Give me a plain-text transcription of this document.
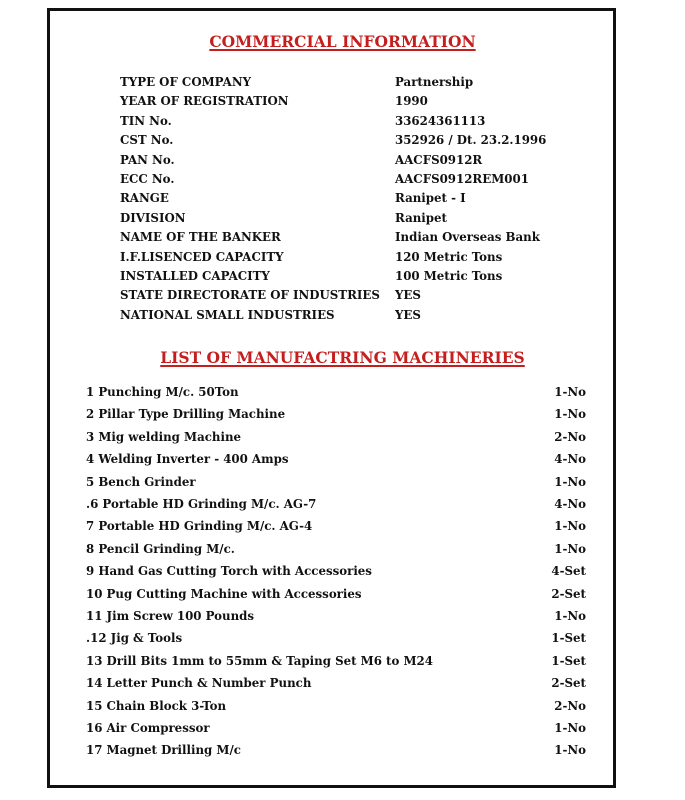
COMMERCIAL INFORMATION
TYPE OF COMPANY	Partnership
YEAR OF REGISTRATION	1990
TIN No.	33624361113
CST No.	352926 / Dt. 23.2.1996
PAN No.	AACFS0912R
ECC No.	AACFS0912REM001
RANGE	Ranipet - I
DIVISION	Ranipet
NAME OF THE BANKER	Indian Overseas Bank
I.F.LISENCED CAPACITY	120 Metric Tons
INSTALLED CAPACITY	100 Metric Tons
STATE DIRECTORATE OF INDUSTRIES YES
NATIONAL SMALL INDUSTRIES	YES
LIST OF MANUFACTRING MACHINERIES
1 Punching M/c. 50Ton	1-No
2 Pillar Type Drilling Machine	1-No
3 Mig welding Machine	2-No
4 Welding Inverter - 400 Amps	4-No
5 Bench Grinder	1-No
.6 Portable HD Grinding M/c. AG-7	4-No
7 Portable HD Grinding M/c. AG-4	1-No
8 Pencil Grinding M/c.	1-No
9 Hand Gas Cutting Torch with Accessories	4-Set
10 Pug Cutting Machine with Accessories	2-Set
11 Jim Screw 100 Pounds	1-No
.12 Jig & Tools	1-Set
13 Drill Bits 1mm to 55mm & Taping Set M6 to M24	1-Set
14 Letter Punch & Number Punch	2-Set
15 Chain Block 3-Ton	2-No
16 Air Compressor	1-No
17 Magnet Drilling M/c	1-No
